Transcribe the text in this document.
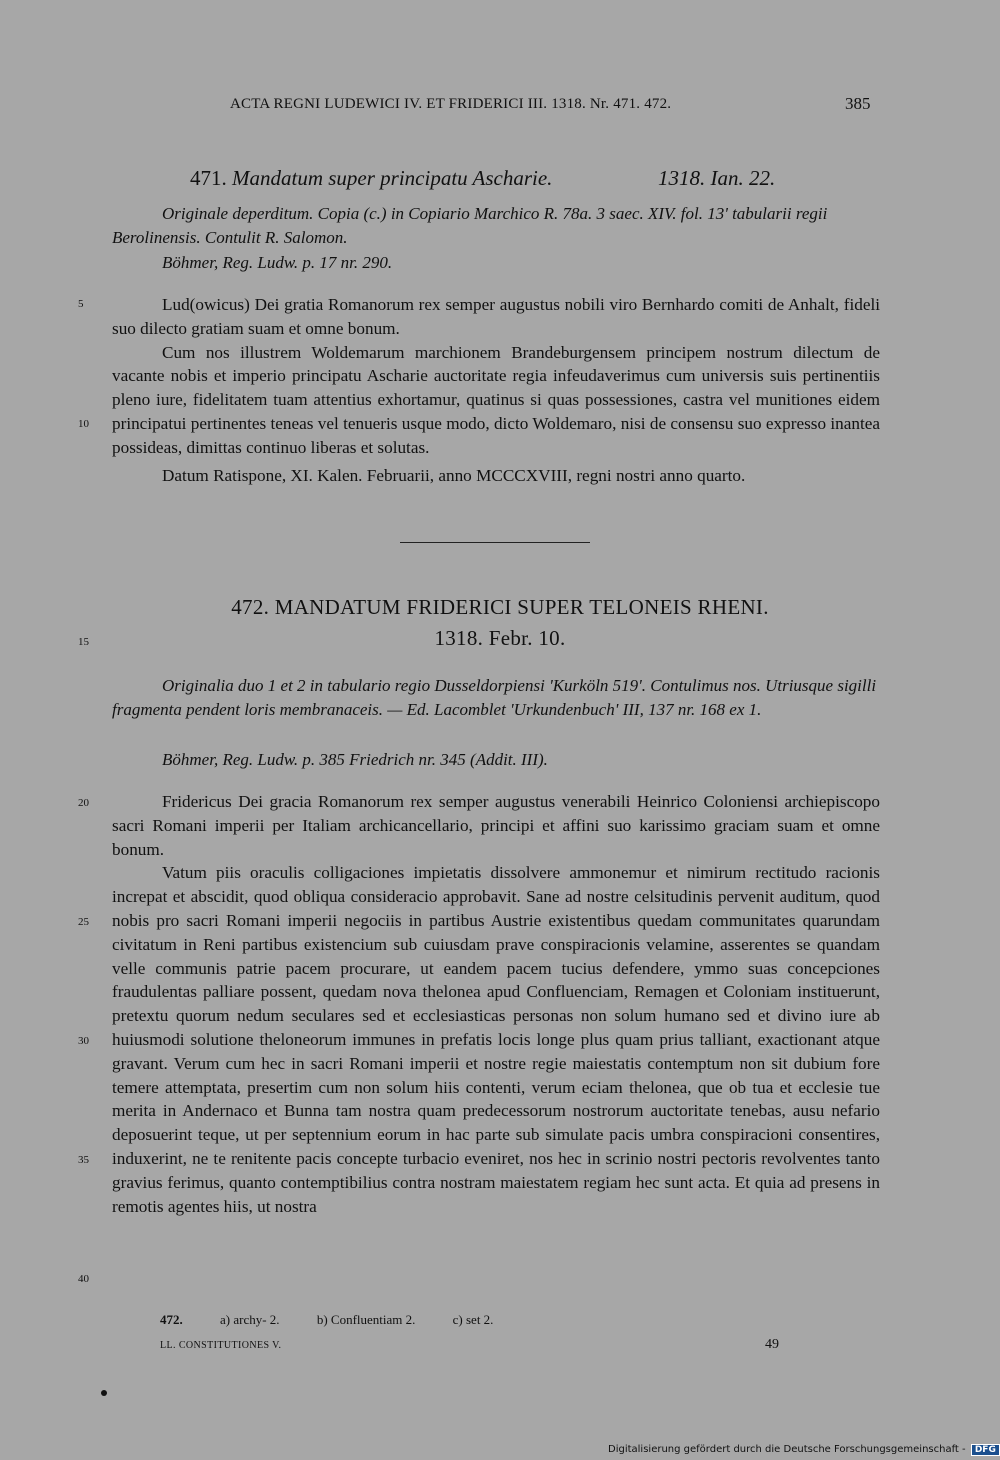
ACTA REGNI LUDEWICI IV. ET FRIDERICI III. 1318. Nr. 471. 472.	385
471. Mandatum super principatu Ascharie.	1318. Ian. 22.
Originale deperditum. Copia (c.) in Copiario Marchico R. 78a. 3 saec. XIV. fol. 13' tabularii regii Berolinensis. Contulit R. Salomon.
Böhmer, Reg. Ludw. p. 17 nr. 290.

Lud(owicus) Dei gratia Romanorum rex semper augustus nobili viro Bernhardo comiti de Anhalt, fideli suo dilecto gratiam suam et omne bonum.

Cum nos illustrem Woldemarum marchionem Brandeburgensem principem nostrum dilectum de vacante nobis et imperio principatu Ascharie auctoritate regia infeudaverimus cum universis suis pertinentiis pleno iure, fidelitatem tuam attentius exhortamur, quatinus si quas possessiones, castra vel munitiones eidem principatui pertinentes teneas vel tenueris usque modo, dicto Woldemaro, nisi de consensu suo expresso inantea possideas, dimittas continuo liberas et solutas.

Datum Ratispone, XI. Kalen. Februarii, anno MCCCXVIII, regni nostri anno quarto.

472. MANDATUM FRIDERICI SUPER TELONEIS RHENI.
1318. Febr. 10.
Originalia duo 1 et 2 in tabulario regio Dusseldorpiensi 'Kurköln 519'. Contulimus nos. Utriusque sigilli fragmenta pendent loris membranaceis. — Ed. Lacomblet 'Urkundenbuch' III, 137 nr. 168 ex 1.
Böhmer, Reg. Ludw. p. 385 Friedrich nr. 345 (Addit. III).

Fridericus Dei gracia Romanorum rex semper augustus venerabili Heinrico Coloniensi archiepiscopo sacri Romani imperii per Italiam archicancellario, principi et affini suo karissimo graciam suam et omne bonum.

Vatum piis oraculis colligaciones impietatis dissolvere ammonemur et nimirum rectitudo racionis increpat et abscidit, quod obliqua consideracio approbavit. Sane ad nostre celsitudinis pervenit auditum, quod nobis pro sacri Romani imperii negociis in partibus Austrie existentibus quedam communitates quarundam civitatum in Reni partibus existencium sub cuiusdam prave conspiracionis velamine, asserentes se quandam velle communis patrie pacem procurare, ut eandem pacem tucius defendere, ymmo suas concepciones fraudulentas palliare possent, quedam nova thelonea apud Confluenciam, Remagen et Coloniam instituerunt, pretextu quorum nedum seculares sed et ecclesiasticas personas non solum humano sed et divino iure ab huiusmodi solutione theloneorum immunes in prefatis locis longe plus quam prius talliant, exactionant atque gravant. Verum cum hec in sacri Romani imperii et nostre regie maiestatis contemptum non sit dubium fore temere attemptata, presertim cum non solum hiis contenti, verum eciam thelonea, que ob tua et ecclesie tue merita in Andernaco et Bunna tam nostra quam predecessorum nostrorum auctoritate tenebas, ausu nefario deposuerint teque, ut per septennium eorum in hac parte sub simulate pacis umbra conspiracioni consentires, induxerint, ne te renitente pacis concepte turbacio eveniret, nos hec in scrinio nostri pectoris revolventes tanto gravius ferimus, quanto contemptibilius contra nostram maiestatem regiam hec sunt acta. Et quia ad presens in remotis agentes hiis, ut nostra

5
10
15
20
25
30
35
40
472.	a) archy- 2.	b) Confluentiam 2.	c) set 2.
LL. CONSTITUTIONES V.	49
Digitalisierung gefördert durch die Deutsche Forschungsgemeinschaft - DFG
